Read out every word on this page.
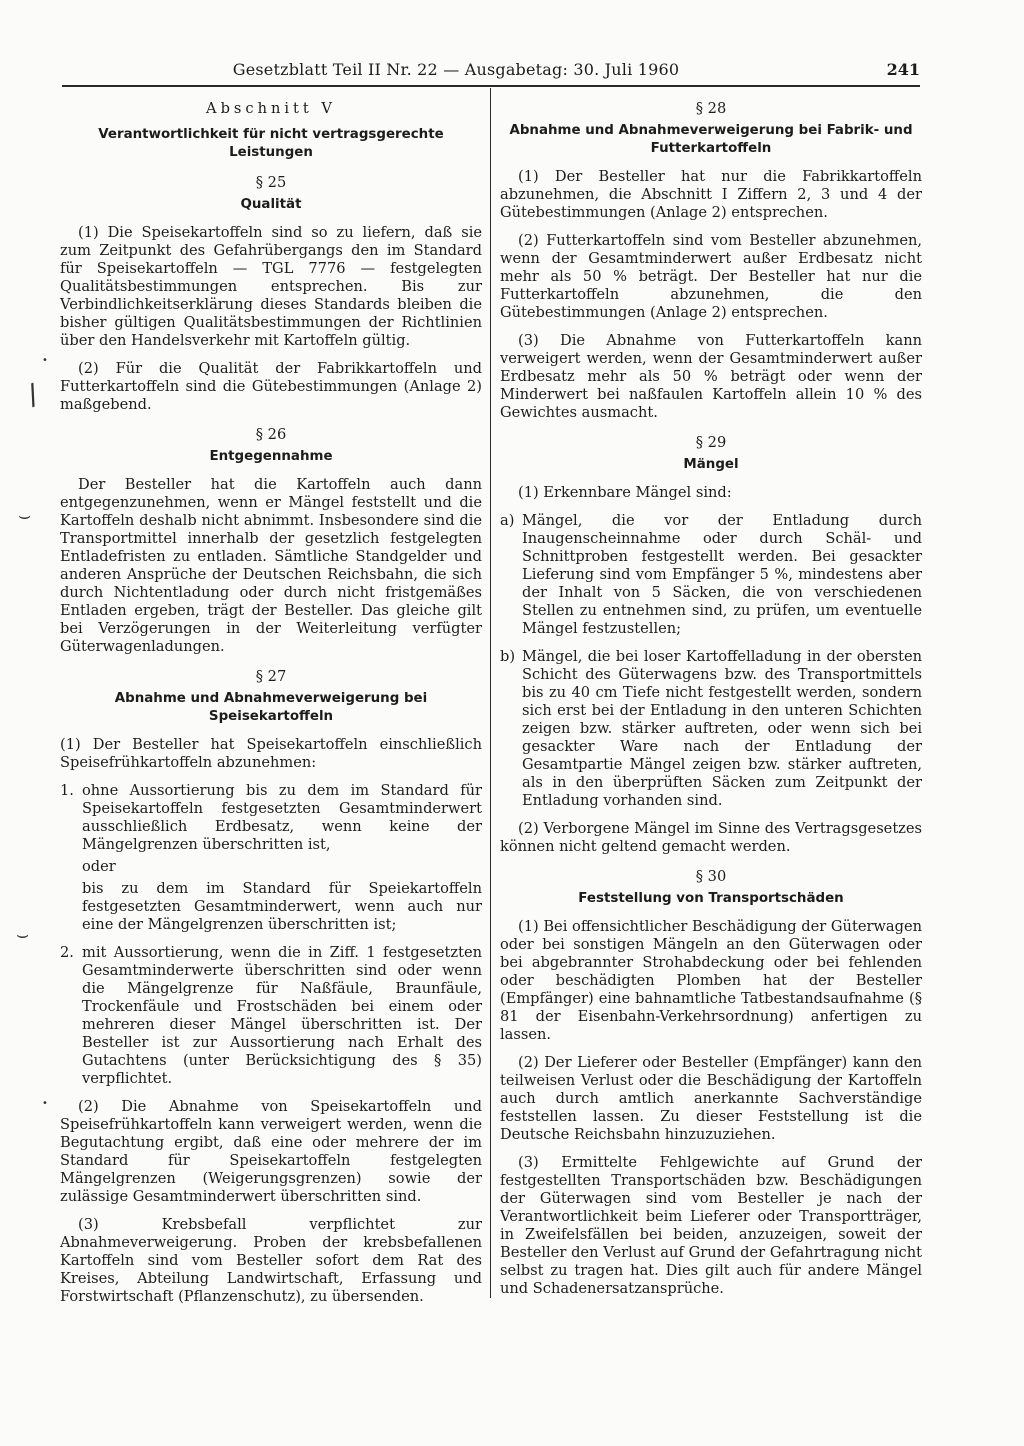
Gesetzblatt Teil II Nr. 22 — Ausgabetag: 30. Juli 1960	241
•
/
⌣
⌣
•
Abschnitt V
Verantwortlichkeit für nicht vertragsgerechte Leistungen
§ 25
Qualität

(1) Die Speisekartoffeln sind so zu liefern, daß sie zum Zeitpunkt des Gefahrübergangs den im Standard für Speisekartoffeln — TGL 7776 — festgelegten Qualitätsbestimmungen entsprechen. Bis zur Verbindlichkeitserklärung dieses Standards bleiben die bisher gültigen Qualitätsbestimmungen der Richtlinien über den Handelsverkehr mit Kartoffeln gültig.

(2) Für die Qualität der Fabrikkartoffeln und Futterkartoffeln sind die Gütebestimmungen (Anlage 2) maßgebend.

§ 26
Entgegennahme

Der Besteller hat die Kartoffeln auch dann entgegenzunehmen, wenn er Mängel feststellt und die Kartoffeln deshalb nicht abnimmt. Insbesondere sind die Transportmittel innerhalb der gesetzlich festgelegten Entladefristen zu entladen. Sämtliche Standgelder und anderen Ansprüche der Deutschen Reichsbahn, die sich durch Nichtentladung oder durch nicht fristgemäßes Entladen ergeben, trägt der Besteller. Das gleiche gilt bei Verzögerungen in der Weiterleitung verfügter Güterwagenladungen.

§ 27
Abnahme und Abnahmeverweigerung bei Speisekartoffeln

(1) Der Besteller hat Speisekartoffeln einschließlich Speisefrühkartoffeln abzunehmen:

1. ohne Aussortierung bis zu dem im Standard für Speisekartoffeln festgesetzten Gesamtminderwert ausschließlich Erdbesatz, wenn keine der Mängelgrenzen überschritten ist,

oder

bis zu dem im Standard für Speiekartoffeln festgesetzten Gesamtminderwert, wenn auch nur eine der Mängelgrenzen überschritten ist;

2. mit Aussortierung, wenn die in Ziff. 1 festgesetzten Gesamtminderwerte überschritten sind oder wenn die Mängelgrenze für Naßfäule, Braunfäule, Trockenfäule und Frostschäden bei einem oder mehreren dieser Mängel überschritten ist. Der Besteller ist zur Aussortierung nach Erhalt des Gutachtens (unter Berücksichtigung des § 35) verpflichtet.

(2) Die Abnahme von Speisekartoffeln und Speisefrühkartoffeln kann verweigert werden, wenn die Begutachtung ergibt, daß eine oder mehrere der im Standard für Speisekartoffeln festgelegten Mängelgrenzen (Weigerungsgrenzen) sowie der zulässige Gesamtminderwert überschritten sind.

(3) Krebsbefall verpflichtet zur Abnahmeverweigerung. Proben der krebsbefallenen Kartoffeln sind vom Besteller sofort dem Rat des Kreises, Abteilung Landwirtschaft, Erfassung und Forstwirtschaft (Pflanzenschutz), zu übersenden.

§ 28
Abnahme und Abnahmeverweigerung bei Fabrik- und Futterkartoffeln

(1) Der Besteller hat nur die Fabrikkartoffeln abzunehmen, die Abschnitt I Ziffern 2, 3 und 4 der Gütebestimmungen (Anlage 2) entsprechen.

(2) Futterkartoffeln sind vom Besteller abzunehmen, wenn der Gesamtminderwert außer Erdbesatz nicht mehr als 50 % beträgt. Der Besteller hat nur die Futterkartoffeln abzunehmen, die den Gütebestimmungen (Anlage 2) entsprechen.

(3) Die Abnahme von Futterkartoffeln kann verweigert werden, wenn der Gesamtminderwert außer Erdbesatz mehr als 50 % beträgt oder wenn der Minderwert bei naßfaulen Kartoffeln allein 10 % des Gewichtes ausmacht.

§ 29
Mängel

(1) Erkennbare Mängel sind:

a) Mängel, die vor der Entladung durch Inaugenscheinnahme oder durch Schäl- und Schnittproben festgestellt werden. Bei gesackter Lieferung sind vom Empfänger 5 %, mindestens aber der Inhalt von 5 Säcken, die von verschiedenen Stellen zu entnehmen sind, zu prüfen, um eventuelle Mängel festzustellen;

b) Mängel, die bei loser Kartoffelladung in der obersten Schicht des Güterwagens bzw. des Transportmittels bis zu 40 cm Tiefe nicht festgestellt werden, sondern sich erst bei der Entladung in den unteren Schichten zeigen bzw. stärker auftreten, oder wenn sich bei gesackter Ware nach der Entladung der Gesamtpartie Mängel zeigen bzw. stärker auftreten, als in den überprüften Säcken zum Zeitpunkt der Entladung vorhanden sind.

(2) Verborgene Mängel im Sinne des Vertragsgesetzes können nicht geltend gemacht werden.

§ 30
Feststellung von Transportschäden

(1) Bei offensichtlicher Beschädigung der Güterwagen oder bei sonstigen Mängeln an den Güterwagen oder bei abgebrannter Strohabdeckung oder bei fehlenden oder beschädigten Plomben hat der Besteller (Empfänger) eine bahnamtliche Tatbestandsaufnahme (§ 81 der Eisenbahn-Verkehrsordnung) anfertigen zu lassen.

(2) Der Lieferer oder Besteller (Empfänger) kann den teilweisen Verlust oder die Beschädigung der Kartoffeln auch durch amtlich anerkannte Sachverständige feststellen lassen. Zu dieser Feststellung ist die Deutsche Reichsbahn hinzuzuziehen.

(3) Ermittelte Fehlgewichte auf Grund der festgestellten Transportschäden bzw. Beschädigungen der Güterwagen sind vom Besteller je nach der Verantwortlichkeit beim Lieferer oder Transportträger, in Zweifelsfällen bei beiden, anzuzeigen, soweit der Besteller den Verlust auf Grund der Gefahrtragung nicht selbst zu tragen hat. Dies gilt auch für andere Mängel und Schadenersatzansprüche.
